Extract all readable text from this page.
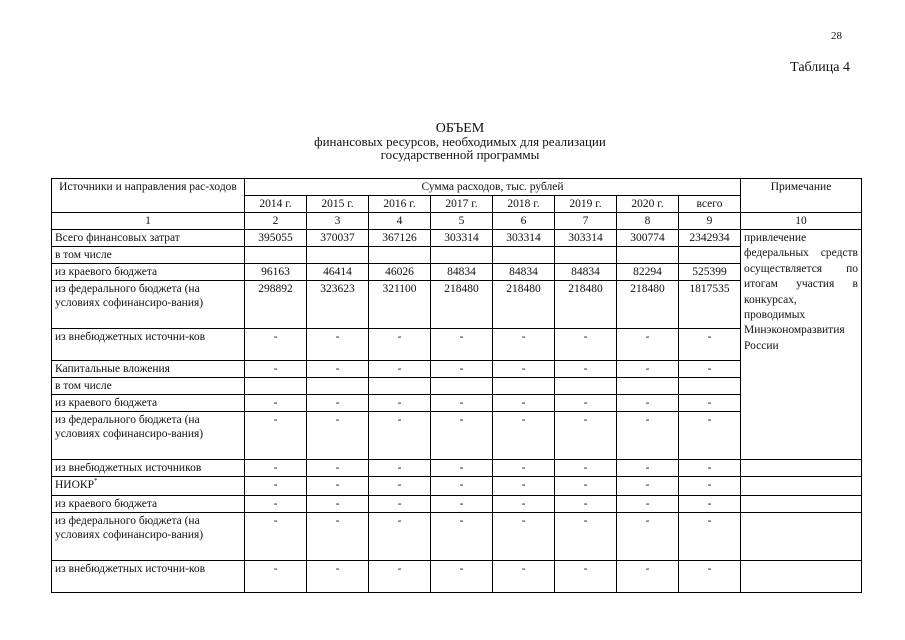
28
Таблица 4
ОБЪЕМ
финансовых ресурсов, необходимых для реализации
государственной программы
Источники и направления рас-ходов	Сумма расходов, тыс. рублей								Примечание
	2014 г.	2015 г.	2016 г.	2017 г.	2018 г.	2019 г.	2020 г.	всего	
1	2	3	4	5	6	7	8	9	10
Всего финансовых затрат	395055	370037	367126	303314	303314	303314	300774	2342934	привлечение федеральных средств осуществляется по итогам участия в конкурсах, проводимых Минэкономразвития России
в том числе									
из краевого бюджета	96163	46414	46026	84834	84834	84834	82294	525399	
из федерального бюджета (на условиях софинансиро-вания)	298892	323623	321100	218480	218480	218480	218480	1817535	
из внебюджетных источни-ков	-	-	-	-	-	-	-	-	
Капитальные вложения	-	-	-	-	-	-	-	-	
в том числе									
из краевого бюджета	-	-	-	-	-	-	-	-	
из федерального бюджета (на условиях софинансиро-вания)	-	-	-	-	-	-	-	-	
из внебюджетных источников	-	-	-	-	-	-	-	-	
НИОКР*	-	-	-	-	-	-	-	-	
из краевого бюджета	-	-	-	-	-	-	-	-	
из федерального бюджета (на условиях софинансиро-вания)	-	-	-	-	-	-	-	-	
из внебюджетных источни-ков	-	-	-	-	-	-	-	-	
